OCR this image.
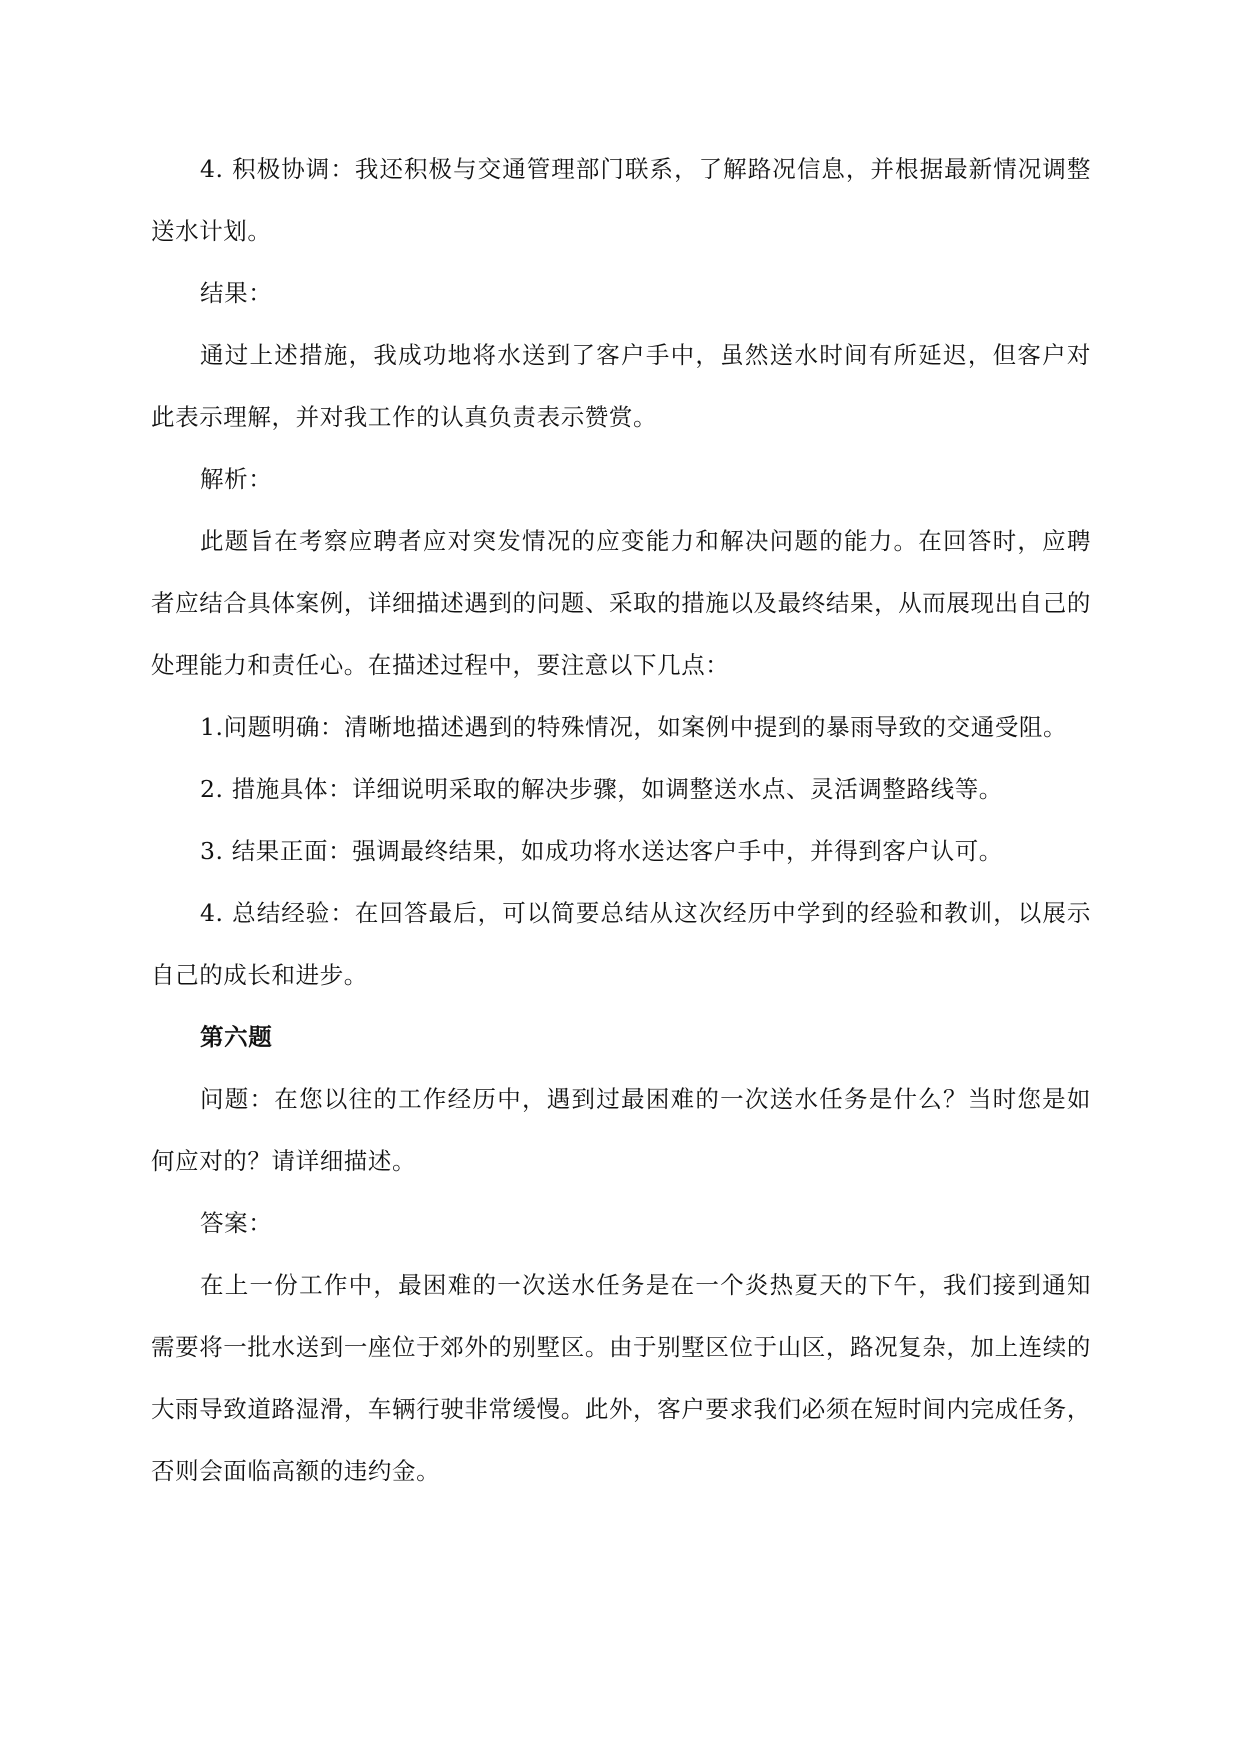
4. 积极协调：我还积极与交通管理部门联系，了解路况信息，并根据最新情况调整送水计划。

结果：

通过上述措施，我成功地将水送到了客户手中，虽然送水时间有所延迟，但客户对此表示理解，并对我工作的认真负责表示赞赏。

解析：

此题旨在考察应聘者应对突发情况的应变能力和解决问题的能力。在回答时，应聘者应结合具体案例，详细描述遇到的问题、采取的措施以及最终结果，从而展现出自己的处理能力和责任心。在描述过程中，要注意以下几点：

1.问题明确：清晰地描述遇到的特殊情况，如案例中提到的暴雨导致的交通受阻。

2. 措施具体：详细说明采取的解决步骤，如调整送水点、灵活调整路线等。

3. 结果正面：强调最终结果，如成功将水送达客户手中，并得到客户认可。

4. 总结经验：在回答最后，可以简要总结从这次经历中学到的经验和教训，以展示自己的成长和进步。

第六题

问题：在您以往的工作经历中，遇到过最困难的一次送水任务是什么？当时您是如何应对的？请详细描述。

答案：

在上一份工作中，最困难的一次送水任务是在一个炎热夏天的下午，我们接到通知需要将一批水送到一座位于郊外的别墅区。由于别墅区位于山区，路况复杂，加上连续的大雨导致道路湿滑，车辆行驶非常缓慢。此外，客户要求我们必须在短时间内完成任务，否则会面临高额的违约金。
